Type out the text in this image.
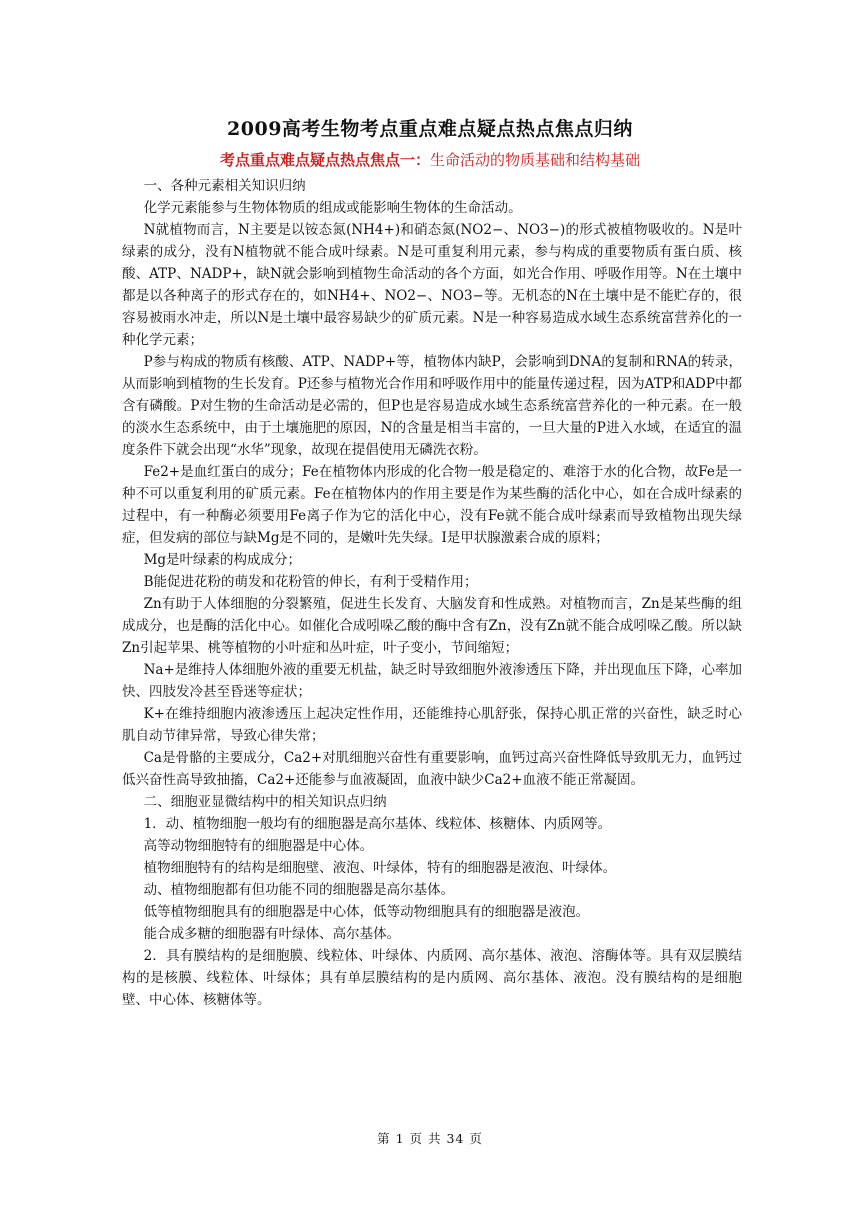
2009高考生物考点重点难点疑点热点焦点归纳
考点重点难点疑点热点焦点一：生命活动的物质基础和结构基础

一、各种元素相关知识归纳

化学元素能参与生物体物质的组成或能影响生物体的生命活动。

N就植物而言，N主要是以铵态氮(NH4+)和硝态氮(NO2−、NO3−)的形式被植物吸收的。N是叶绿素的成分，没有N植物就不能合成叶绿素。N是可重复利用元素，参与构成的重要物质有蛋白质、核酸、ATP、NADP+，缺N就会影响到植物生命活动的各个方面，如光合作用、呼吸作用等。N在土壤中都是以各种离子的形式存在的，如NH4+、NO2−、NO3−等。无机态的N在土壤中是不能贮存的，很容易被雨水冲走，所以N是土壤中最容易缺少的矿质元素。N是一种容易造成水域生态系统富营养化的一种化学元素；

P参与构成的物质有核酸、ATP、NADP+等，植物体内缺P，会影响到DNA的复制和RNA的转录，从而影响到植物的生长发育。P还参与植物光合作用和呼吸作用中的能量传递过程，因为ATP和ADP中都含有磷酸。P对生物的生命活动是必需的，但P也是容易造成水域生态系统富营养化的一种元素。在一般的淡水生态系统中，由于土壤施肥的原因，N的含量是相当丰富的，一旦大量的P进入水域，在适宜的温度条件下就会出现“水华”现象，故现在提倡使用无磷洗衣粉。

Fe2+是血红蛋白的成分；Fe在植物体内形成的化合物一般是稳定的、难溶于水的化合物，故Fe是一种不可以重复利用的矿质元素。Fe在植物体内的作用主要是作为某些酶的活化中心，如在合成叶绿素的过程中，有一种酶必须要用Fe离子作为它的活化中心，没有Fe就不能合成叶绿素而导致植物出现失绿症，但发病的部位与缺Mg是不同的，是嫩叶先失绿。I是甲状腺激素合成的原料；

Mg是叶绿素的构成成分；

B能促进花粉的萌发和花粉管的伸长，有利于受精作用；

Zn有助于人体细胞的分裂繁殖，促进生长发育、大脑发育和性成熟。对植物而言，Zn是某些酶的组成成分，也是酶的活化中心。如催化合成吲哚乙酸的酶中含有Zn，没有Zn就不能合成吲哚乙酸。所以缺Zn引起苹果、桃等植物的小叶症和丛叶症，叶子变小，节间缩短；

Na+是维持人体细胞外液的重要无机盐，缺乏时导致细胞外液渗透压下降，并出现血压下降，心率加快、四肢发冷甚至昏迷等症状；

K+在维持细胞内液渗透压上起决定性作用，还能维持心肌舒张，保持心肌正常的兴奋性，缺乏时心肌自动节律异常，导致心律失常；

Ca是骨骼的主要成分，Ca2+对肌细胞兴奋性有重要影响，血钙过高兴奋性降低导致肌无力，血钙过低兴奋性高导致抽搐，Ca2+还能参与血液凝固，血液中缺少Ca2+血液不能正常凝固。

二、细胞亚显微结构中的相关知识点归纳

1．动、植物细胞一般均有的细胞器是高尔基体、线粒体、核糖体、内质网等。

高等动物细胞特有的细胞器是中心体。

植物细胞特有的结构是细胞壁、液泡、叶绿体，特有的细胞器是液泡、叶绿体。

动、植物细胞都有但功能不同的细胞器是高尔基体。

低等植物细胞具有的细胞器是中心体，低等动物细胞具有的细胞器是液泡。

能合成多糖的细胞器有叶绿体、高尔基体。

2．具有膜结构的是细胞膜、线粒体、叶绿体、内质网、高尔基体、液泡、溶酶体等。具有双层膜结构的是核膜、线粒体、叶绿体；具有单层膜结构的是内质网、高尔基体、液泡。没有膜结构的是细胞壁、中心体、核糖体等。

第 1 页 共 34 页
